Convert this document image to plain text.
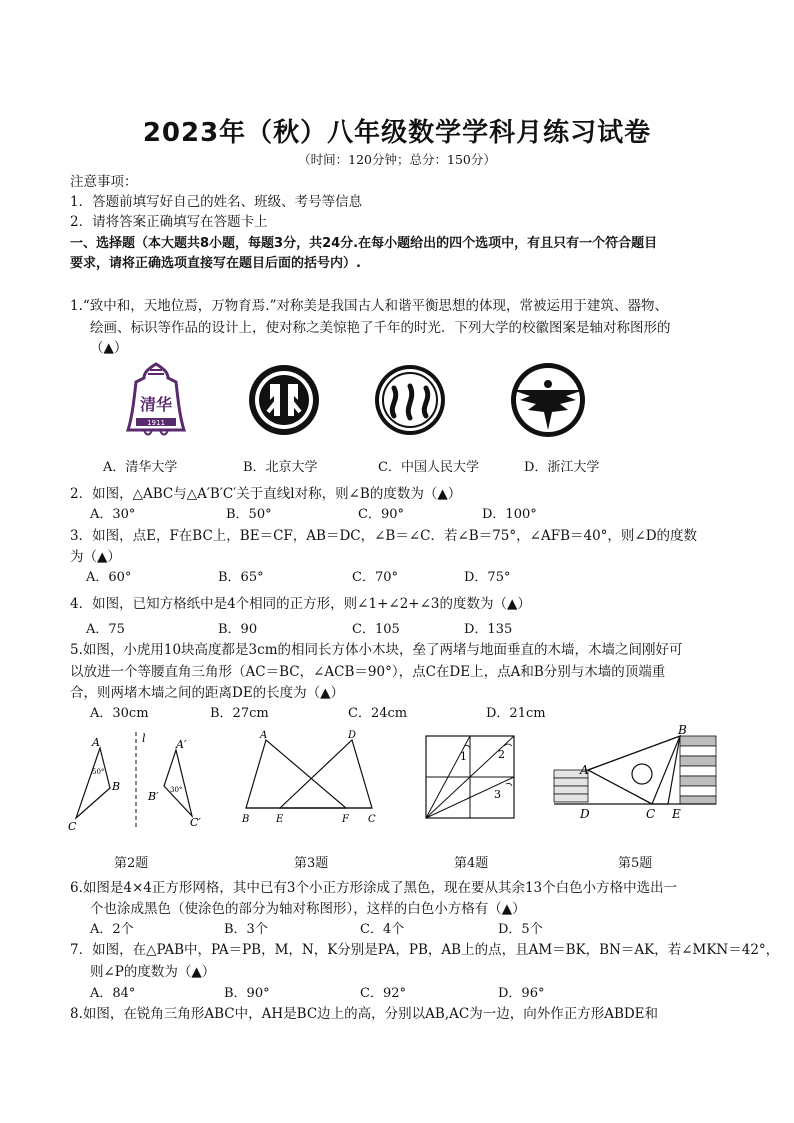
2023年（秋）八年级数学学科月练习试卷
（时间：120分钟；总分：150分）
注意事项：
1．答题前填写好自己的姓名、班级、考号等信息
2．请将答案正确填写在答题卡上
一、选择题（本大题共8小题，每题3分，共24分.在每小题给出的四个选项中，有且只有一个符合题目
要求，请将正确选项直接写在题目后面的括号内）.
1.“致中和，天地位焉，万物育焉.”对称美是我国古人和谐平衡思想的体现，常被运用于建筑、器物、
绘画、标识等作品的设计上，使对称之美惊艳了千年的时光．下列大学的校徽图案是轴对称图形的
（▲）
清华
1911
A．清华大学	B．北京大学	C．中国人民大学	D．浙江大学
2．如图，△ABC与△A′B′C′关于直线l对称，则∠B的度数为（▲）
A．30°	B．50°	C．90°	D．100°
3．如图，点E，F在BC上，BE＝CF，AB＝DC，∠B＝∠C．若∠B＝75°，∠AFB＝40°，则∠D的度数
为（▲）
A．60°	B．65°	C．70°	D．75°
4．如图，已知方格纸中是4个相同的正方形，则∠1+∠2+∠3的度数为（▲）
A．75	B．90	C．105	D．135
5.如图，小虎用10块高度都是3cm的相同长方体小木块，垒了两堵与地面垂直的木墙，木墙之间刚好可
以放进一个等腰直角三角形（AC＝BC，∠ACB＝90°），点C在DE上，点A和B分别与木墙的顶端重
合，则两堵木墙之间的距离DE的长度为（▲）
A．30cm	B．27cm	C．24cm	D．21cm
A
B
C
l	A′
B′
C′
50°
30°
A	D
B	E	F C
1	2
3
A
B
D	C E
第2题	第3题	第4题	第5题
6.如图是4×4正方形网格，其中已有3个小正方形涂成了黑色，现在要从其余13个白色小方格中选出一
个也涂成黑色（使涂色的部分为轴对称图形），这样的白色小方格有（▲）
A．2个	B．3个	C．4个	D．5个
7．如图，在△PAB中，PA＝PB，M，N，K分别是PA，PB，AB上的点，且AM＝BK，BN＝AK，若∠MKN＝42°，
则∠P的度数为（▲）
A．84°	B．90°	C．92°	D．96°
8.如图，在锐角三角形ABC中，AH是BC边上的高，分别以AB,AC为一边，向外作正方形ABDE和
